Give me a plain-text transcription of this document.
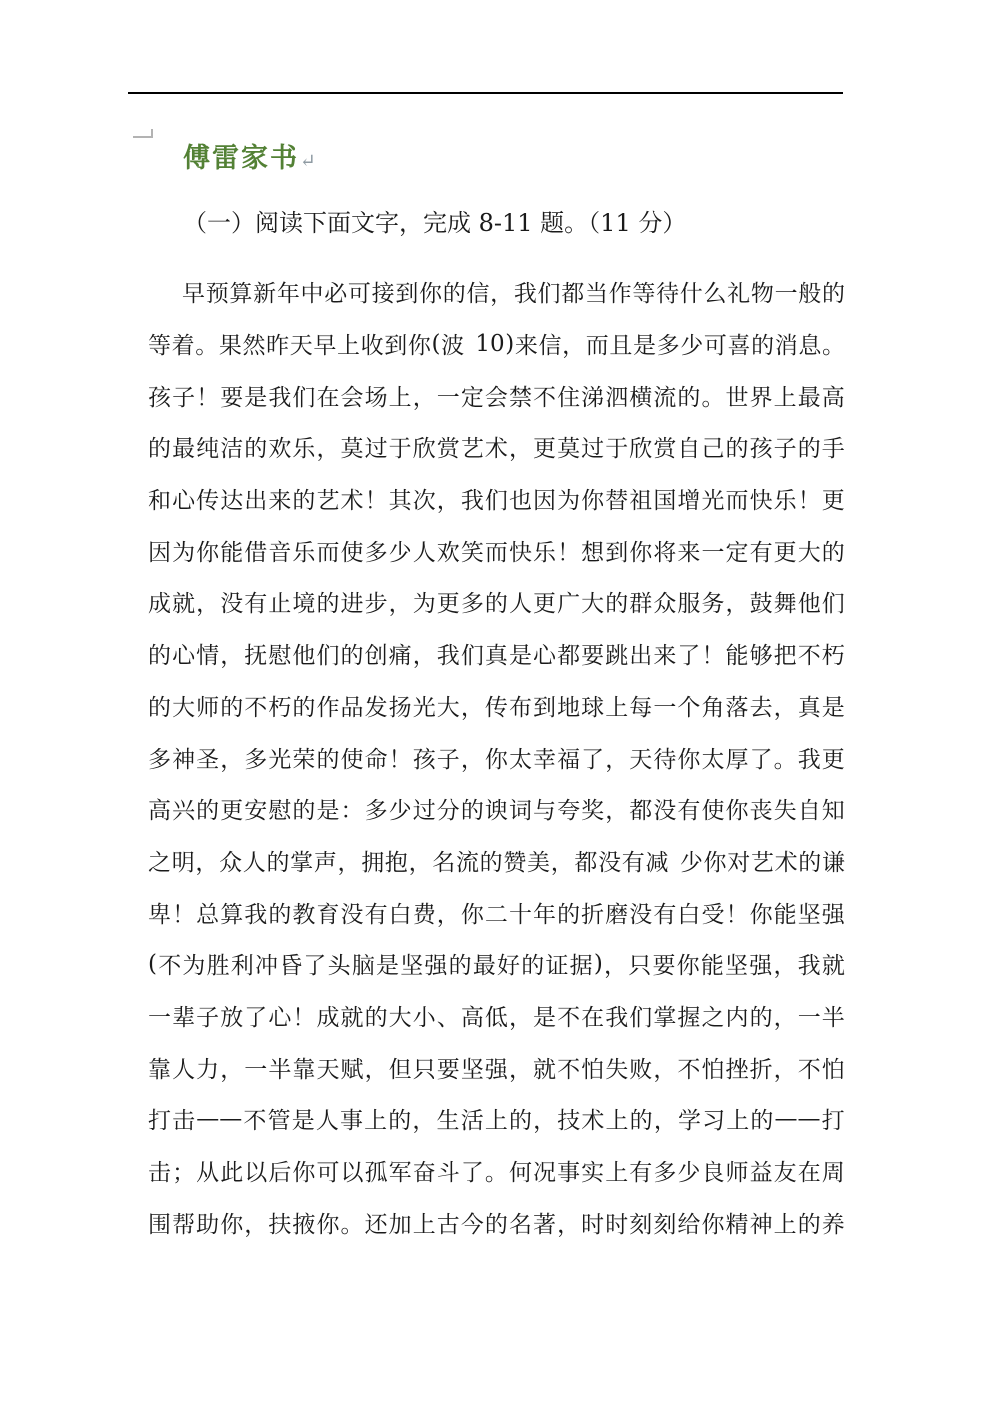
傅雷家书↵
（一）阅读下面文字，完成 8-11 题。（11 分）
早 预 算 新 年 中 必 可 接 到 你 的 信 ， 我 们 都 当 作 等 待 什 么 礼 物 一 般 的
等 着 。 果 然 昨 天 早 上 收 到 你 ( 波
10 ) 来 信 ， 而 且 是 多 少 可 喜 的 消 息 。
孩 子 ！ 要 是 我 们 在 会 场 上 ， 一 定 会 禁 不 住 涕 泗 横 流 的 。 世 界 上 最 高
的 最 纯 洁 的 欢 乐 ， 莫 过 于 欣 赏 艺 术 ， 更 莫 过 于 欣 赏 自 己 的 孩 子 的 手
和 心 传 达 出 来 的 艺 术 ！ 其 次 ， 我 们 也 因 为 你 替 祖 国 增 光 而 快 乐 ！ 更
因 为 你 能 借 音 乐 而 使 多 少 人 欢 笑 而 快 乐 ！ 想 到 你 将 来 一 定 有 更 大 的
成 就 ， 没 有 止 境 的 进 步 ， 为 更 多 的 人 更 广 大 的 群 众 服 务 ， 鼓 舞 他 们
的 心 情 ， 抚 慰 他 们 的 创 痛 ， 我 们 真 是 心 都 要 跳 出 来 了 ！ 能 够 把 不 朽
的 大 师 的 不 朽 的 作 品 发 扬 光 大 ， 传 布 到 地 球 上 每 一 个 角 落 去 ， 真 是
多 神 圣 ， 多 光 荣 的 使 命 ！ 孩 子 ， 你 太 幸 福 了 ， 天 待 你 太 厚 了 。 我 更
高 兴 的 更 安 慰 的 是 ： 多 少 过 分 的 谀 词 与 夸 奖 ， 都 没 有 使 你 丧 失 自 知
之 明 ， 众 人 的 掌 声 ， 拥 抱 ， 名 流 的 赞 美 ， 都 没 有 减
少 你 对 艺 术 的 谦
卑 ！ 总 算 我 的 教 育 没 有 白 费 ， 你 二 十 年 的 折 磨 没 有 白 受 ！ 你 能 坚 强
( 不 为 胜 利 冲 昏 了 头 脑 是 坚 强 的 最 好 的 证 据 ) ， 只 要 你 能 坚 强 ， 我 就
一 辈 子 放 了 心 ！ 成 就 的 大 小 、 高 低 ， 是 不 在 我 们 掌 握 之 内 的 ， 一 半
靠 人 力 ， 一 半 靠 天 赋 ， 但 只 要 坚 强 ， 就 不 怕 失 败 ， 不 怕 挫 折 ， 不 怕
打 击 —— 不 管 是 人 事 上 的 ， 生 活 上 的 ， 技 术 上 的 ， 学 习 上 的 —— 打
击 ； 从 此 以 后 你 可 以 孤 军 奋 斗 了 。 何 况 事 实 上 有 多 少 良 师 益 友 在 周
围 帮 助 你 ， 扶 掖 你 。 还 加 上 古 今 的 名 著 ， 时 时 刻 刻 给 你 精 神 上 的 养
